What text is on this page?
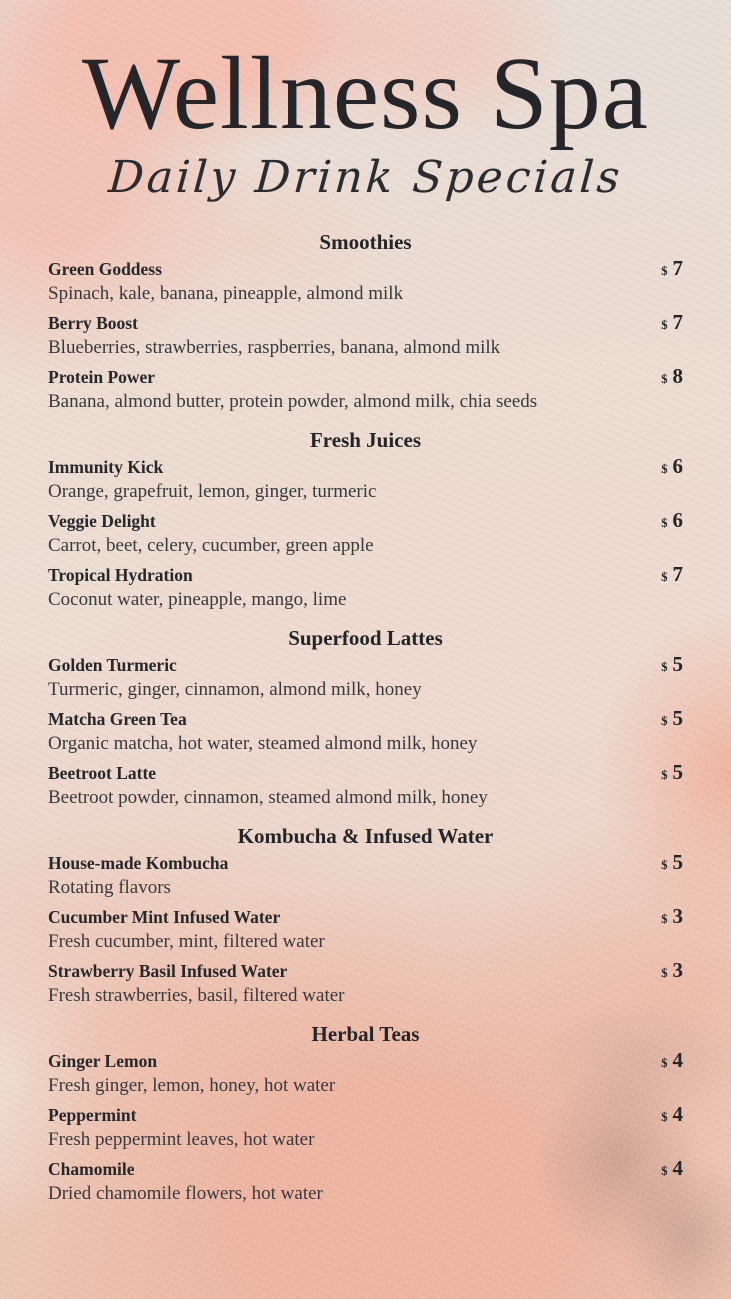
Wellness Spa
Daily Drink Specials
Smoothies
Green Goddess	$ 7
Spinach, kale, banana, pineapple, almond milk
Berry Boost	$ 7
Blueberries, strawberries, raspberries, banana, almond milk
Protein Power	$ 8
Banana, almond butter, protein powder, almond milk, chia seeds
Fresh Juices
Immunity Kick	$ 6
Orange, grapefruit, lemon, ginger, turmeric
Veggie Delight	$ 6
Carrot, beet, celery, cucumber, green apple
Tropical Hydration	$ 7
Coconut water, pineapple, mango, lime
Superfood Lattes
Golden Turmeric	$ 5
Turmeric, ginger, cinnamon, almond milk, honey
Matcha Green Tea	$ 5
Organic matcha, hot water, steamed almond milk, honey
Beetroot Latte	$ 5
Beetroot powder, cinnamon, steamed almond milk, honey
Kombucha & Infused Water
House-made Kombucha	$ 5
Rotating flavors
Cucumber Mint Infused Water	$ 3
Fresh cucumber, mint, filtered water
Strawberry Basil Infused Water	$ 3
Fresh strawberries, basil, filtered water
Herbal Teas
Ginger Lemon	$ 4
Fresh ginger, lemon, honey, hot water
Peppermint	$ 4
Fresh peppermint leaves, hot water
Chamomile	$ 4
Dried chamomile flowers, hot water
